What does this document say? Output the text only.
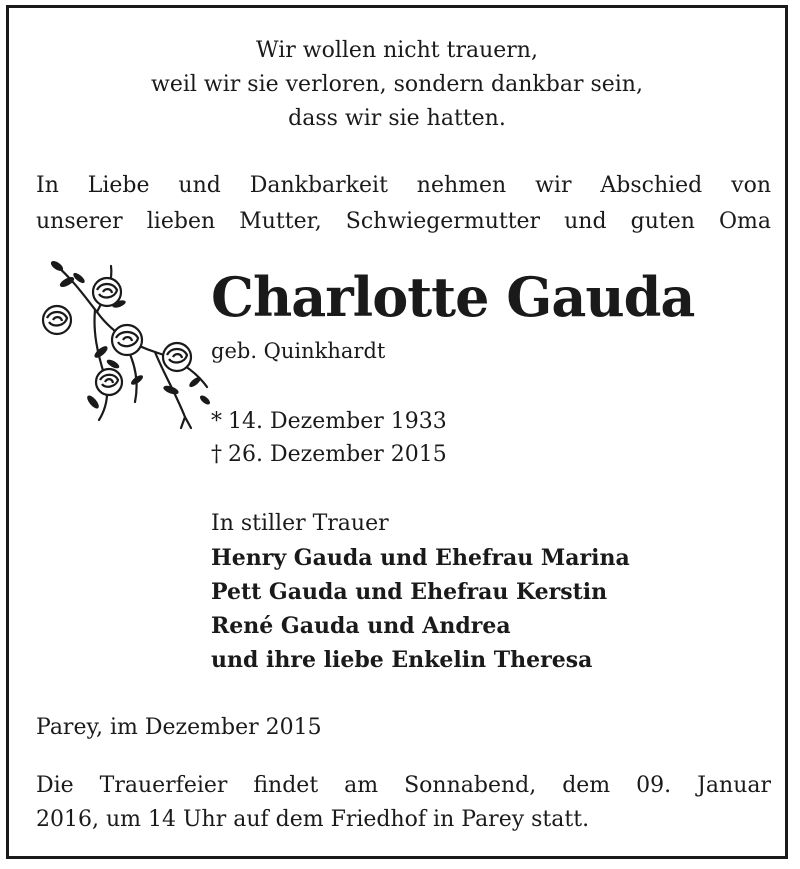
Wir wollen nicht trauern,
weil wir sie verloren, sondern dankbar sein,
dass wir sie hatten.
In Liebe und Dankbarkeit nehmen wir Abschied von
unserer lieben Mutter, Schwiegermutter und guten Oma
Charlotte Gauda
geb. Quinkhardt
* 14. Dezember 1933
† 26. Dezember 2015
In stiller Trauer
Henry Gauda und Ehefrau Marina
Pett Gauda und Ehefrau Kerstin
René Gauda und Andrea
und ihre liebe Enkelin Theresa
Parey, im Dezember 2015
Die Trauerfeier findet am Sonnabend, dem 09. Januar
2016, um 14 Uhr auf dem Friedhof in Parey statt.
